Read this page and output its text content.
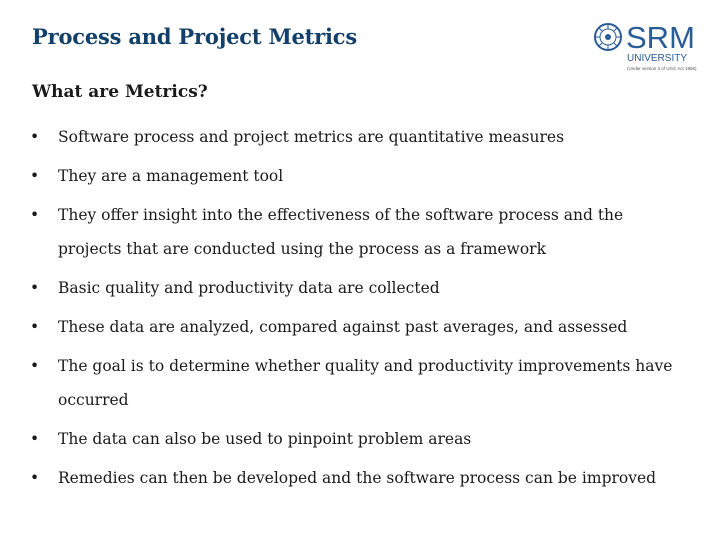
Process and Project Metrics	SRM
UNIVERSITY
(Under section 3 of UGC Act 1956)
What are Metrics?
• Software process and project metrics are quantitative measures
• They are a management tool
• They offer insight into the effectiveness of the software process and the projects that are conducted using the process as a framework
• Basic quality and productivity data are collected
• These data are analyzed, compared against past averages, and assessed
• The goal is to determine whether quality and productivity improvements have occurred
• The data can also be used to pinpoint problem areas
• Remedies can then be developed and the software process can be improved
